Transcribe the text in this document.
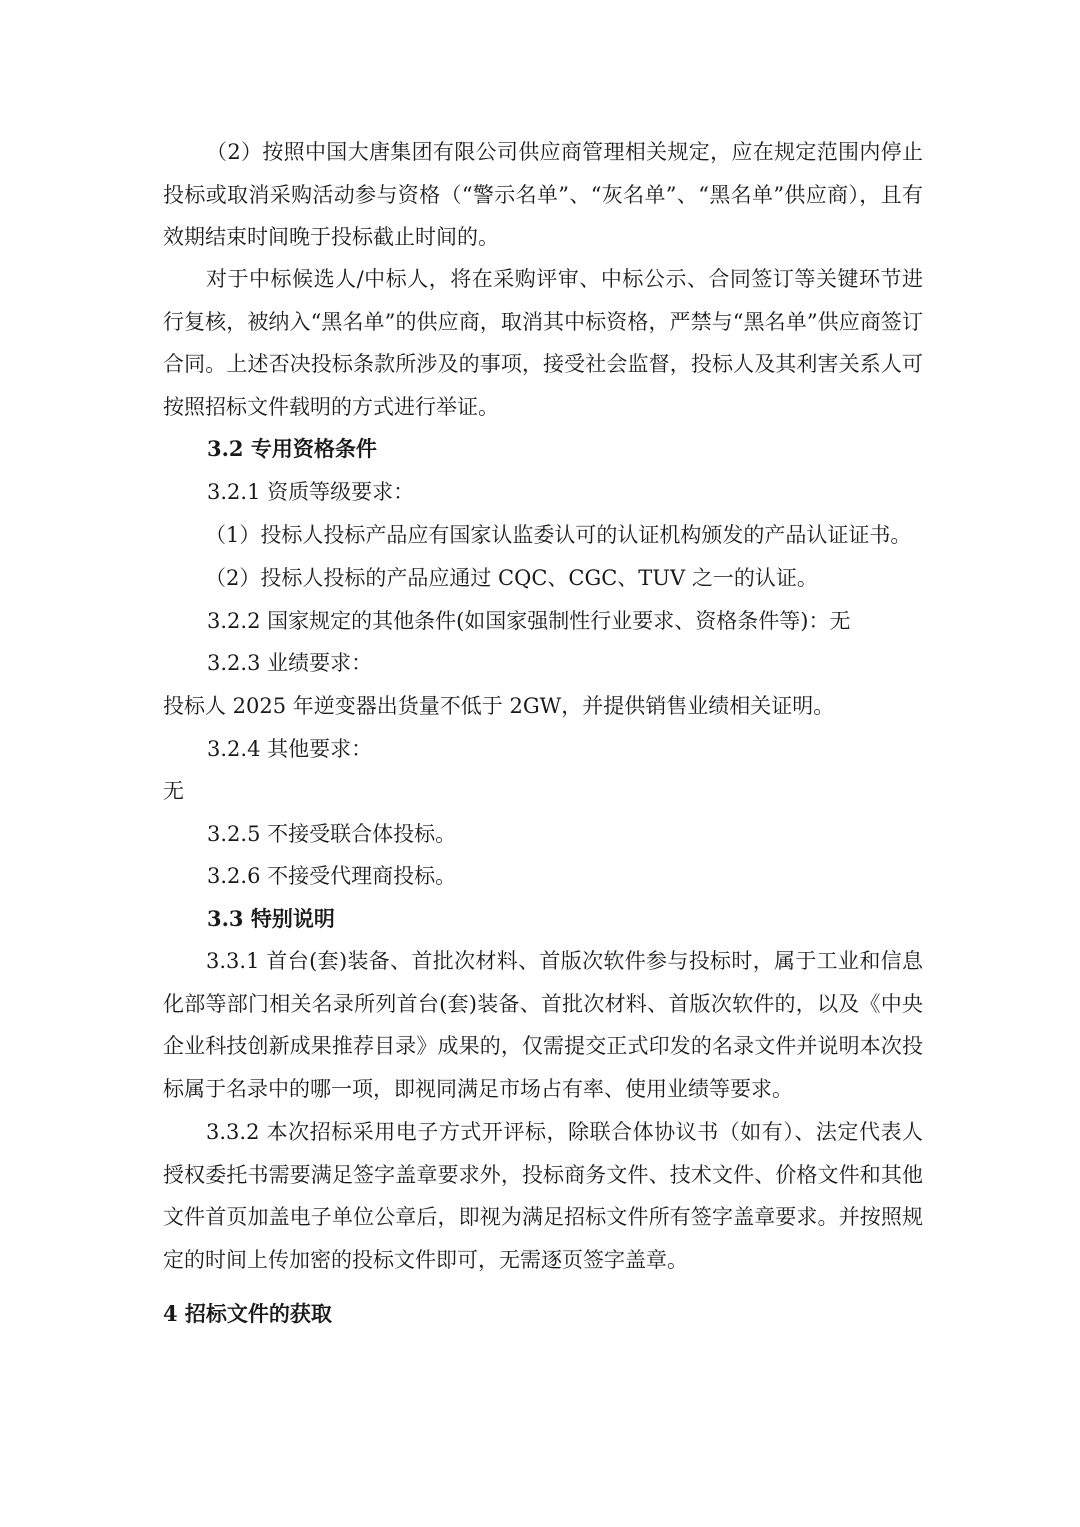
（2）按照中国大唐集团有限公司供应商管理相关规定，应在规定范围内停止投标或取消采购活动参与资格（“警示名单”、“灰名单”、“黑名单”供应商），且有效期结束时间晚于投标截止时间的。

对于中标候选人/中标人，将在采购评审、中标公示、合同签订等关键环节进行复核，被纳入“黑名单”的供应商，取消其中标资格，严禁与“黑名单”供应商签订合同。上述否决投标条款所涉及的事项，接受社会监督，投标人及其利害关系人可按照招标文件载明的方式进行举证。

3.2 专用资格条件

3.2.1 资质等级要求：

（1）投标人投标产品应有国家认监委认可的认证机构颁发的产品认证证书。

（2）投标人投标的产品应通过 CQC、CGC、TUV 之一的认证。

3.2.2 国家规定的其他条件(如国家强制性行业要求、资格条件等)：无

3.2.3 业绩要求：

投标人 2025 年逆变器出货量不低于 2GW，并提供销售业绩相关证明。

3.2.4 其他要求：

无

3.2.5 不接受联合体投标。

3.2.6 不接受代理商投标。

3.3 特别说明

3.3.1 首台(套)装备、首批次材料、首版次软件参与投标时，属于工业和信息化部等部门相关名录所列首台(套)装备、首批次材料、首版次软件的，以及《中央企业科技创新成果推荐目录》成果的，仅需提交正式印发的名录文件并说明本次投标属于名录中的哪一项，即视同满足市场占有率、使用业绩等要求。

3.3.2 本次招标采用电子方式开评标，除联合体协议书（如有）、法定代表人授权委托书需要满足签字盖章要求外，投标商务文件、技术文件、价格文件和其他文件首页加盖电子单位公章后，即视为满足招标文件所有签字盖章要求。并按照规定的时间上传加密的投标文件即可，无需逐页签字盖章。

4 招标文件的获取
